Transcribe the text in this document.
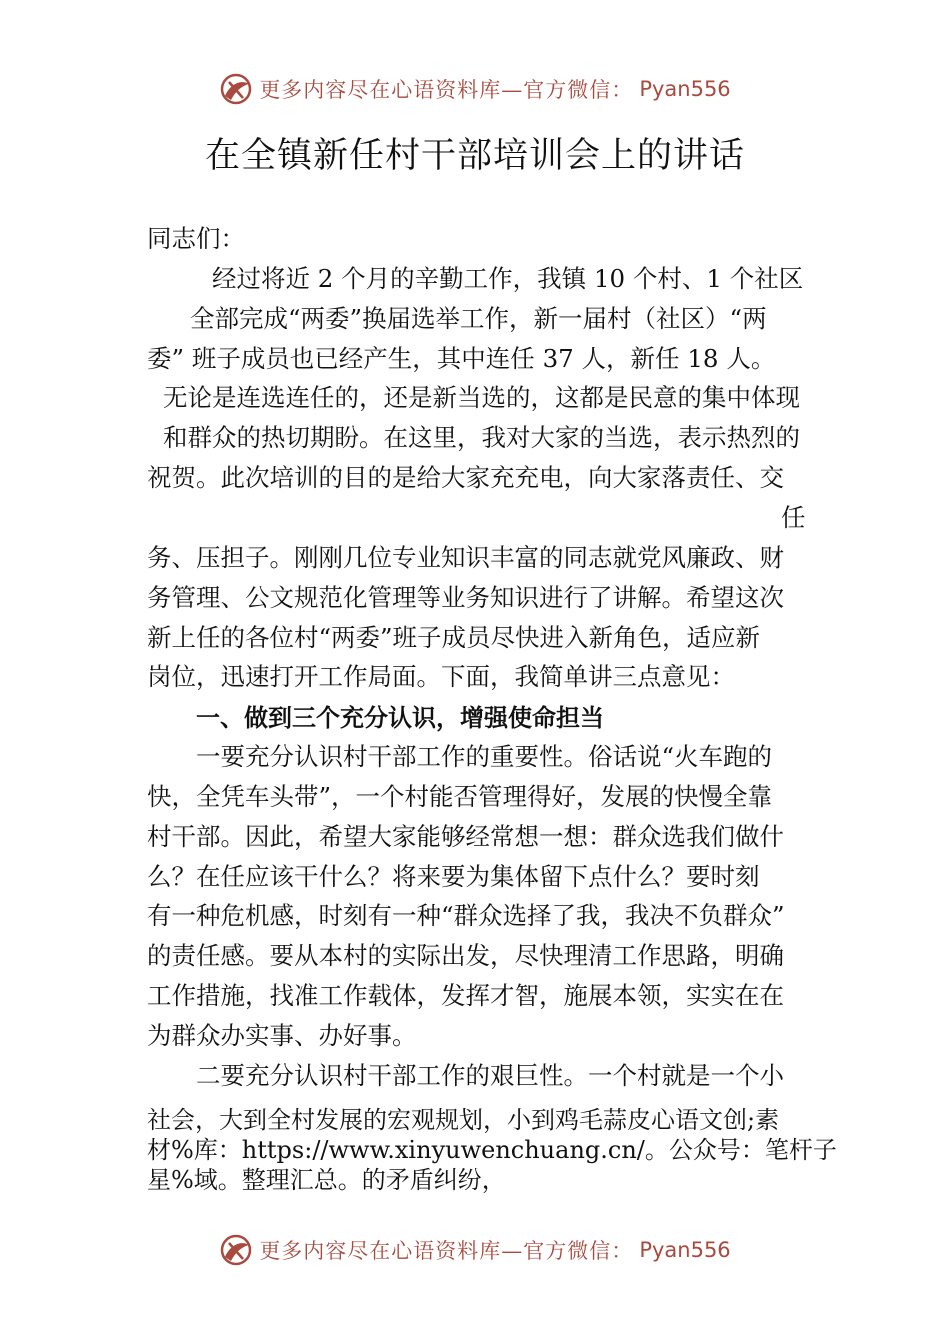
更多内容尽在心语资料库—官方微信： Pyan556
在全镇新任村干部培训会上的讲话
同志们：
经过将近 2 个月的辛勤工作，我镇 10 个村、1 个社区
全部完成“两委”换届选举工作，新一届村（社区）“两
委” 班子成员也已经产生，其中连任 37 人，新任 18 人。
无论是连选连任的，还是新当选的，这都是民意的集中体现
和群众的热切期盼。在这里，我对大家的当选，表示热烈的
祝贺。此次培训的目的是给大家充充电，向大家落责任、交
任
务、压担子。刚刚几位专业知识丰富的同志就党风廉政、财
务管理、公文规范化管理等业务知识进行了讲解。希望这次
新上任的各位村“两委”班子成员尽快进入新角色，适应新
岗位，迅速打开工作局面。下面，我简单讲三点意见：
一、做到三个充分认识，增强使命担当
一要充分认识村干部工作的重要性。俗话说“火车跑的
快，全凭车头带”，一个村能否管理得好，发展的快慢全靠
村干部。因此，希望大家能够经常想一想：群众选我们做什
么？在任应该干什么？将来要为集体留下点什么？要时刻
有一种危机感，时刻有一种“群众选择了我，我决不负群众”
的责任感。要从本村的实际出发，尽快理清工作思路，明确
工作措施，找准工作载体，发挥才智，施展本领，实实在在
为群众办实事、办好事。
二要充分认识村干部工作的艰巨性。一个村就是一个小
社会，大到全村发展的宏观规划，小到鸡毛蒜皮心语文创;素
材%库：https://www.xinyuwenchuang.cn/。公众号：笔杆子
星%域。整理汇总。的矛盾纠纷，
更多内容尽在心语资料库—官方微信： Pyan556
